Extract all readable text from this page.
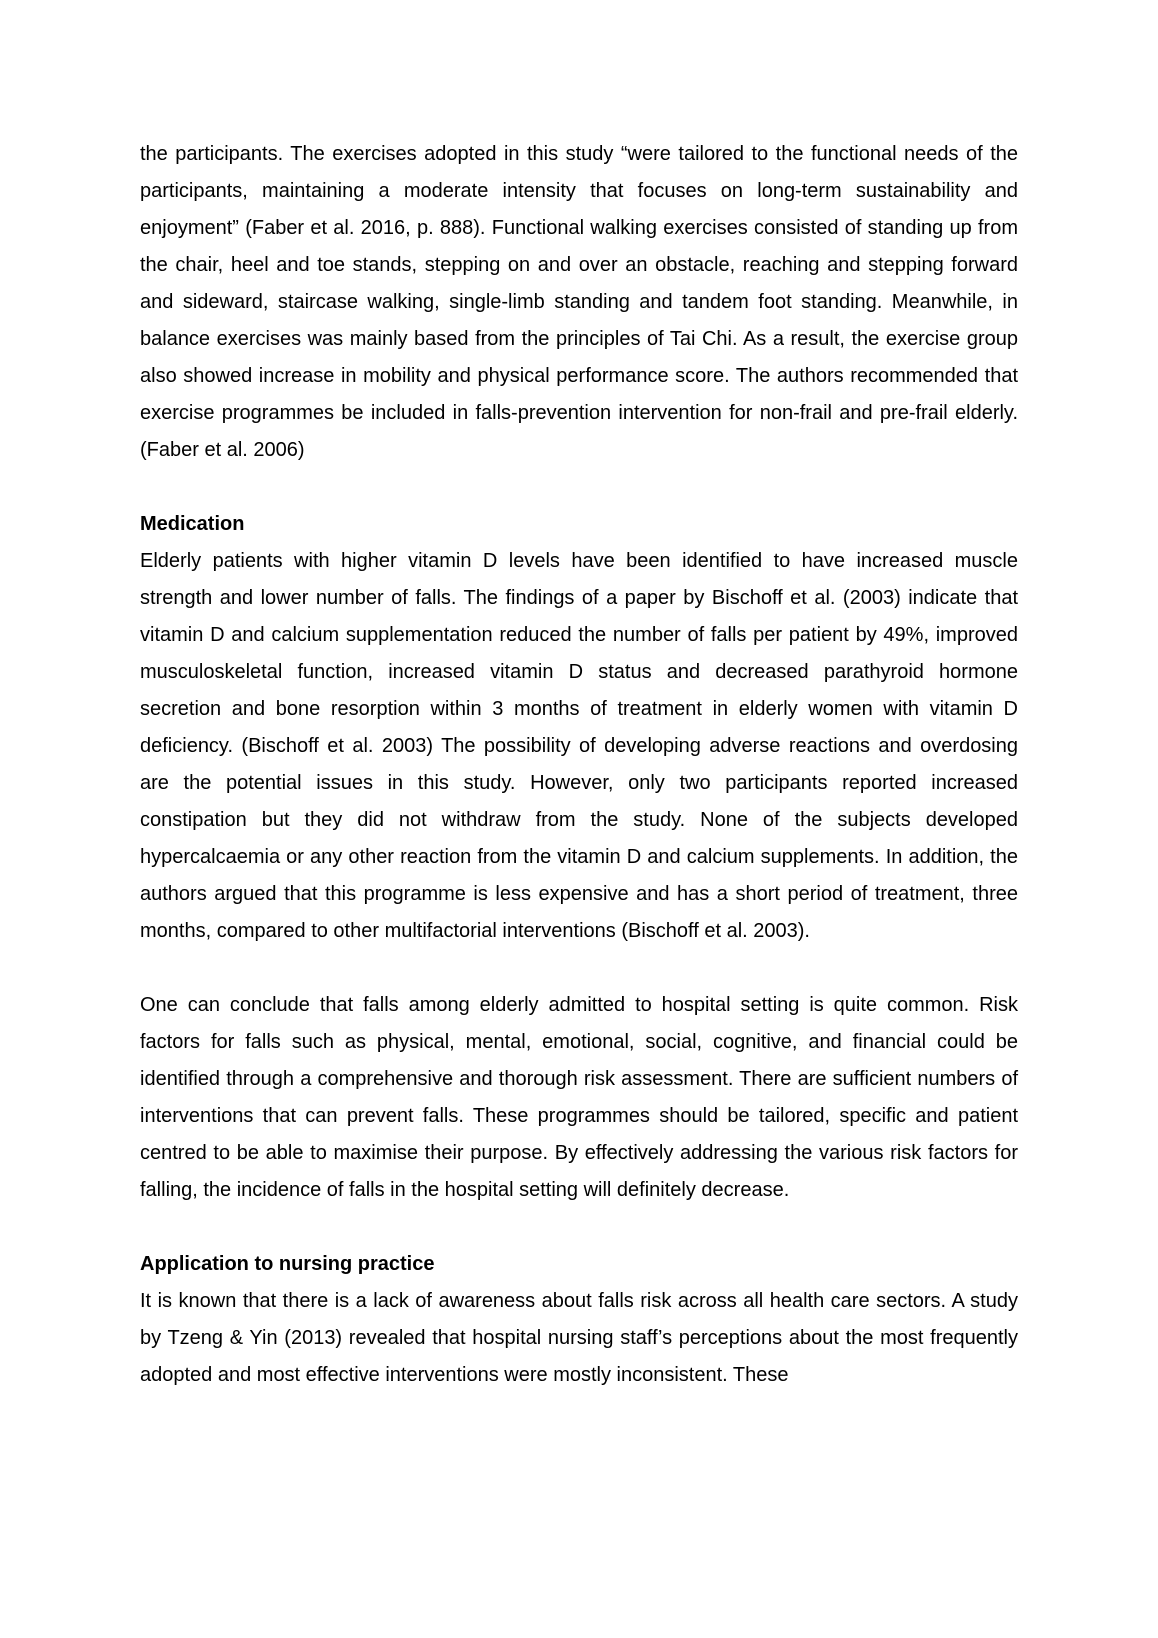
the participants. The exercises adopted in this study “were tailored to the functional needs of the participants, maintaining a moderate intensity that focuses on long-term sustainability and enjoyment” (Faber et al. 2016, p. 888). Functional walking exercises consisted of standing up from the chair, heel and toe stands, stepping on and over an obstacle, reaching and stepping forward and sideward, staircase walking, single-limb standing and tandem foot standing. Meanwhile, in balance exercises was mainly based from the principles of Tai Chi. As a result, the exercise group also showed increase in mobility and physical performance score. The authors recommended that exercise programmes be included in falls-prevention intervention for non-frail and pre-frail elderly. (Faber et al. 2006)

Medication

Elderly patients with higher vitamin D levels have been identified to have increased muscle strength and lower number of falls. The findings of a paper by Bischoff et al. (2003) indicate that vitamin D and calcium supplementation reduced the number of falls per patient by 49%, improved musculoskeletal function, increased vitamin D status and decreased parathyroid hormone secretion and bone resorption within 3 months of treatment in elderly women with vitamin D deficiency. (Bischoff et al. 2003) The possibility of developing adverse reactions and overdosing are the potential issues in this study. However, only two participants reported increased constipation but they did not withdraw from the study. None of the subjects developed hypercalcaemia or any other reaction from the vitamin D and calcium supplements. In addition, the authors argued that this programme is less expensive and has a short period of treatment, three months, compared to other multifactorial interventions (Bischoff et al. 2003).

One can conclude that falls among elderly admitted to hospital setting is quite common. Risk factors for falls such as physical, mental, emotional, social, cognitive, and financial could be identified through a comprehensive and thorough risk assessment. There are sufficient numbers of interventions that can prevent falls. These programmes should be tailored, specific and patient centred to be able to maximise their purpose. By effectively addressing the various risk factors for falling, the incidence of falls in the hospital setting will definitely decrease.

Application to nursing practice

It is known that there is a lack of awareness about falls risk across all health care sectors. A study by Tzeng & Yin (2013) revealed that hospital nursing staff’s perceptions about the most frequently adopted and most effective interventions were mostly inconsistent. These
